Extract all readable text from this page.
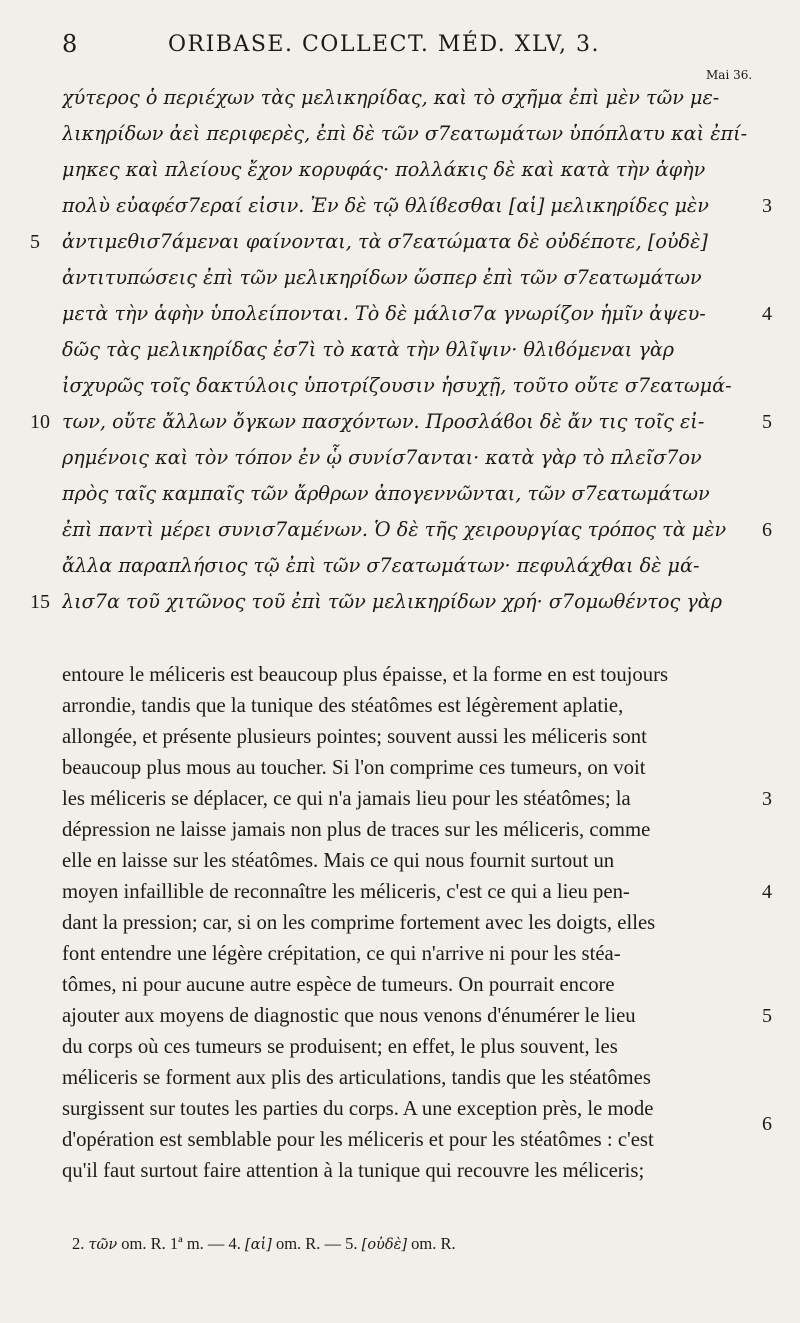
8	ORIBASE. COLLECT. MÉD. XLV, 3.
Mai 36.
χύτερος ὁ περιέχων τὰς μελικηρίδας, καὶ τὸ σχῆμα ἐπὶ μὲν τῶν με-
λικηρίδων ἀεὶ περιφερὲς, ἐπὶ δὲ τῶν σ7εατωμάτων ὑπόπλατυ καὶ ἐπί-
μηκες καὶ πλείους ἔχον κορυφάς· πολλάκις δὲ καὶ κατὰ τὴν ἁφὴν
πολὺ εὐαφέσ7εραί εἰσιν. Ἐν δὲ τῷ θλίϐεσθαι [αἱ] μελικηρίδες μὲν
ἀντιμεθισ7άμεναι φαίνονται, τὰ σ7εατώματα δὲ οὐδέποτε, [οὐδὲ]
ἀντιτυπώσεις ἐπὶ τῶν μελικηρίδων ὥσπερ ἐπὶ τῶν σ7εατωμάτων
μετὰ τὴν ἁφὴν ὑπολείπονται. Τὸ δὲ μάλισ7α γνωρίζον ἡμῖν ἀψευ-
δῶς τὰς μελικηρίδας ἐσ7ὶ τὸ κατὰ τὴν θλῖψιν· θλιϐόμεναι γὰρ
ἰσχυρῶς τοῖς δακτύλοις ὑποτρίζουσιν ἡσυχῇ, τοῦτο οὔτε σ7εατωμά-
των, οὔτε ἄλλων ὄγκων πασχόντων. Προσλάϐοι δὲ ἄν τις τοῖς εἰ-
ρημένοις καὶ τὸν τόπον ἐν ᾧ συνίσ7ανται· κατὰ γὰρ τὸ πλεῖσ7ον
πρὸς ταῖς καμπαῖς τῶν ἄρθρων ἀπογεννῶνται, τῶν σ7εατωμάτων
ἐπὶ παντὶ μέρει συνισ7αμένων. Ὁ δὲ τῆς χειρουργίας τρόπος τὰ μὲν
ἄλλα παραπλήσιος τῷ ἐπὶ τῶν σ7εατωμάτων· πεφυλάχθαι δὲ μά-
λισ7α τοῦ χιτῶνος τοῦ ἐπὶ τῶν μελικηρίδων χρή· σ7ομωθέντος γὰρ
5
10
15
3
4
5
6
entoure le méliceris est beaucoup plus épaisse, et la forme en est toujours
arrondie, tandis que la tunique des stéatômes est légèrement aplatie,
allongée, et présente plusieurs pointes; souvent aussi les méliceris sont
beaucoup plus mous au toucher. Si l'on comprime ces tumeurs, on voit
les méliceris se déplacer, ce qui n'a jamais lieu pour les stéatômes; la
dépression ne laisse jamais non plus de traces sur les méliceris, comme
elle en laisse sur les stéatômes. Mais ce qui nous fournit surtout un
moyen infaillible de reconnaître les méliceris, c'est ce qui a lieu pen-
dant la pression; car, si on les comprime fortement avec les doigts, elles
font entendre une légère crépitation, ce qui n'arrive ni pour les stéa-
tômes, ni pour aucune autre espèce de tumeurs. On pourrait encore
ajouter aux moyens de diagnostic que nous venons d'énumérer le lieu
du corps où ces tumeurs se produisent; en effet, le plus souvent, les
méliceris se forment aux plis des articulations, tandis que les stéatômes
surgissent sur toutes les parties du corps. A une exception près, le mode
d'opération est semblable pour les méliceris et pour les stéatômes : c'est
qu'il faut surtout faire attention à la tunique qui recouvre les méliceris;
3
4
5
6
2. τῶν om. R. 1ª m. — 4. [αἱ] om. R. — 5. [οὐδὲ] om. R.
